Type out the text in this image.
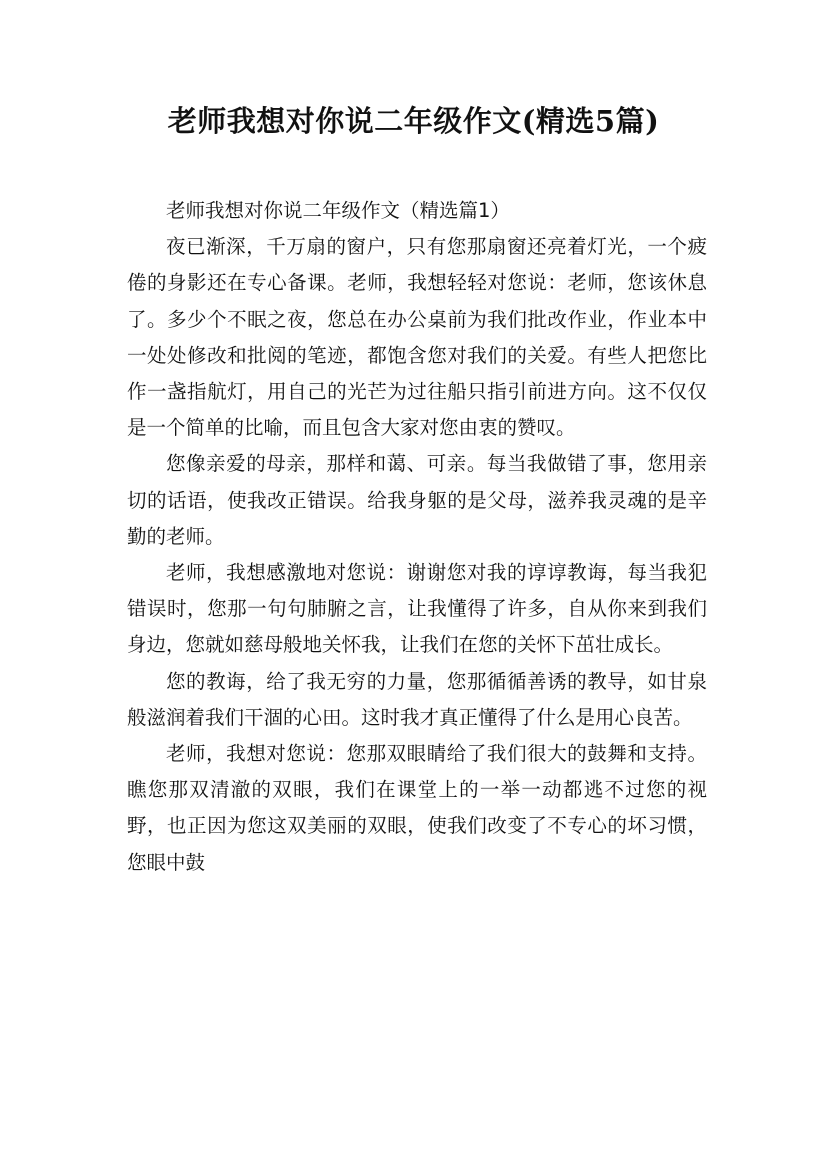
老师我想对你说二年级作文(精选5篇)

老师我想对你说二年级作文（精选篇1）

夜已渐深，千万扇的窗户，只有您那扇窗还亮着灯光，一个疲倦的身影还在专心备课。老师，我想轻轻对您说：老师，您该休息了。多少个不眠之夜，您总在办公桌前为我们批改作业，作业本中一处处修改和批阅的笔迹，都饱含您对我们的关爱。有些人把您比作一盏指航灯，用自己的光芒为过往船只指引前进方向。这不仅仅是一个简单的比喻，而且包含大家对您由衷的赞叹。

您像亲爱的母亲，那样和蔼、可亲。每当我做错了事，您用亲切的话语，使我改正错误。给我身躯的是父母，滋养我灵魂的是辛勤的老师。

老师，我想感激地对您说：谢谢您对我的谆谆教诲，每当我犯错误时，您那一句句肺腑之言，让我懂得了许多，自从你来到我们身边，您就如慈母般地关怀我，让我们在您的关怀下茁壮成长。

您的教诲，给了我无穷的力量，您那循循善诱的教导，如甘泉般滋润着我们干涸的心田。这时我才真正懂得了什么是用心良苦。

老师，我想对您说：您那双眼睛给了我们很大的鼓舞和支持。瞧您那双清澈的双眼，我们在课堂上的一举一动都逃不过您的视野，也正因为您这双美丽的双眼，使我们改变了不专心的坏习惯，您眼中鼓
